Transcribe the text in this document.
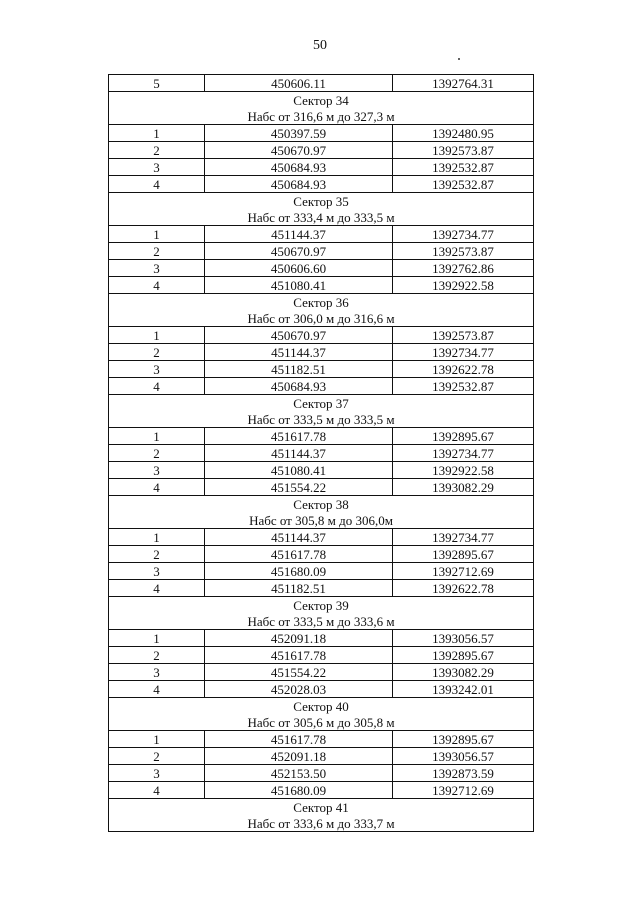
50
5	450606.11	1392764.31
Сектор 34		
Набс от 316,6 м до 327,3 м		
1	450397.59	1392480.95
2	450670.97	1392573.87
3	450684.93	1392532.87
4	450684.93	1392532.87
Сектор 35		
Набс от 333,4 м до 333,5 м		
1	451144.37	1392734.77
2	450670.97	1392573.87
3	450606.60	1392762.86
4	451080.41	1392922.58
Сектор 36		
Набс от 306,0 м до 316,6 м		
1	450670.97	1392573.87
2	451144.37	1392734.77
3	451182.51	1392622.78
4	450684.93	1392532.87
Сектор 37		
Набс от 333,5 м до 333,5 м		
1	451617.78	1392895.67
2	451144.37	1392734.77
3	451080.41	1392922.58
4	451554.22	1393082.29
Сектор 38		
Набс от 305,8 м до 306,0м		
1	451144.37	1392734.77
2	451617.78	1392895.67
3	451680.09	1392712.69
4	451182.51	1392622.78
Сектор 39		
Набс от 333,5 м до 333,6 м		
1	452091.18	1393056.57
2	451617.78	1392895.67
3	451554.22	1393082.29
4	452028.03	1393242.01
Сектор 40		
Набс от 305,6 м до 305,8 м		
1	451617.78	1392895.67
2	452091.18	1393056.57
3	452153.50	1392873.59
4	451680.09	1392712.69
Сектор 41		
Набс от 333,6 м до 333,7 м		
